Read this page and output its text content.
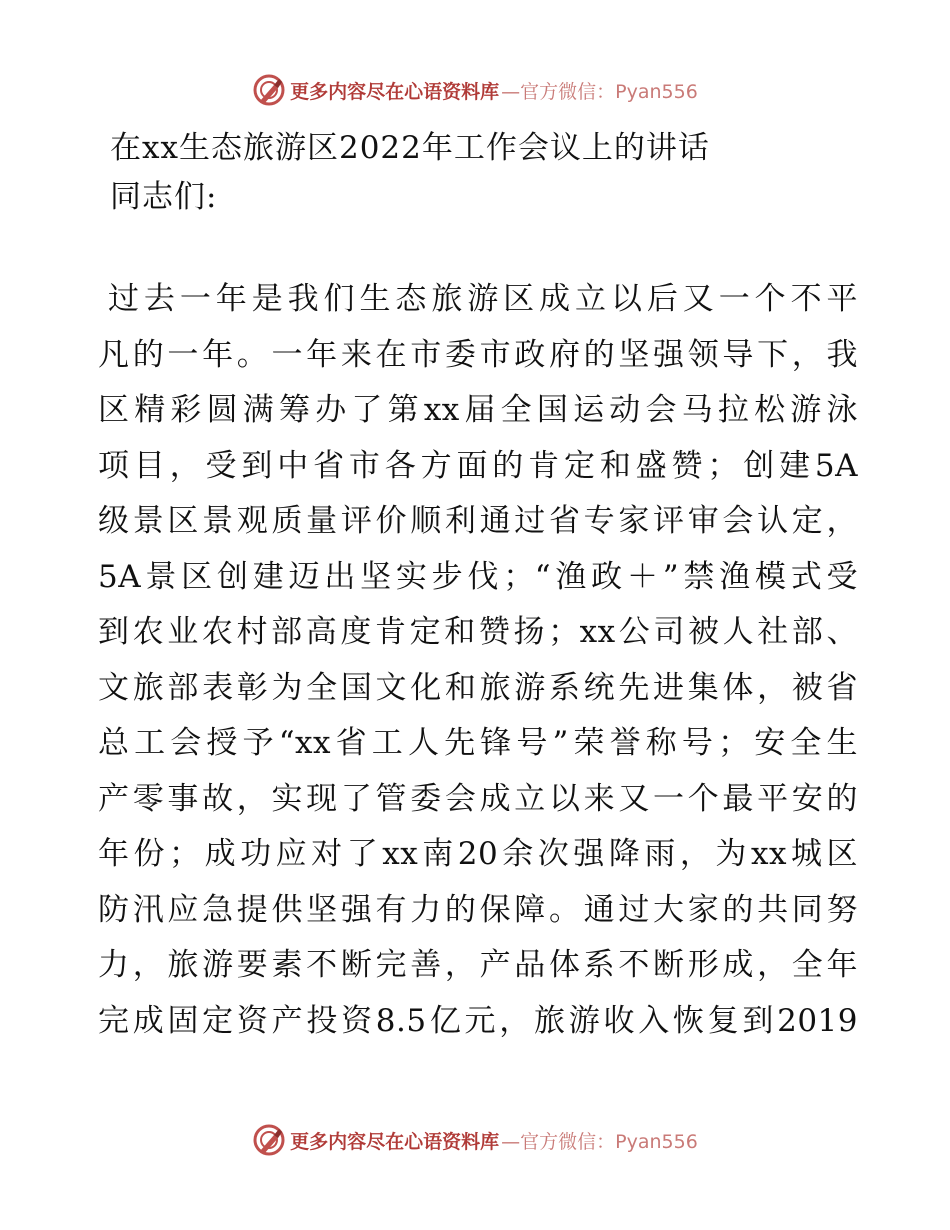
更多内容尽在心语资料库 —官方微信：Pyan556
在xx生态旅游区2022年工作会议上的讲话
同志们:
过去一年是我们生态旅游区成立以后又一个不平
凡的一年。一年来在市委市政府的坚强领导下，我
区精彩圆满筹办了第xx届全国运动会马拉松游泳
项目，受到中省市各方面的肯定和盛赞；创建5A
级景区景观质量评价顺利通过省专家评审会认定，
5A景区创建迈出坚实步伐；“渔政＋”禁渔模式受
到农业农村部高度肯定和赞扬；xx公司被人社部、
文旅部表彰为全国文化和旅游系统先进集体，被省
总工会授予“xx省工人先锋号”荣誉称号；安全生
产零事故，实现了管委会成立以来又一个最平安的
年份；成功应对了xx南20余次强降雨，为xx城区
防汛应急提供坚强有力的保障。通过大家的共同努
力，旅游要素不断完善，产品体系不断形成，全年
完成固定资产投资8.5亿元，旅游收入恢复到2019
更多内容尽在心语资料库 —官方微信：Pyan556
